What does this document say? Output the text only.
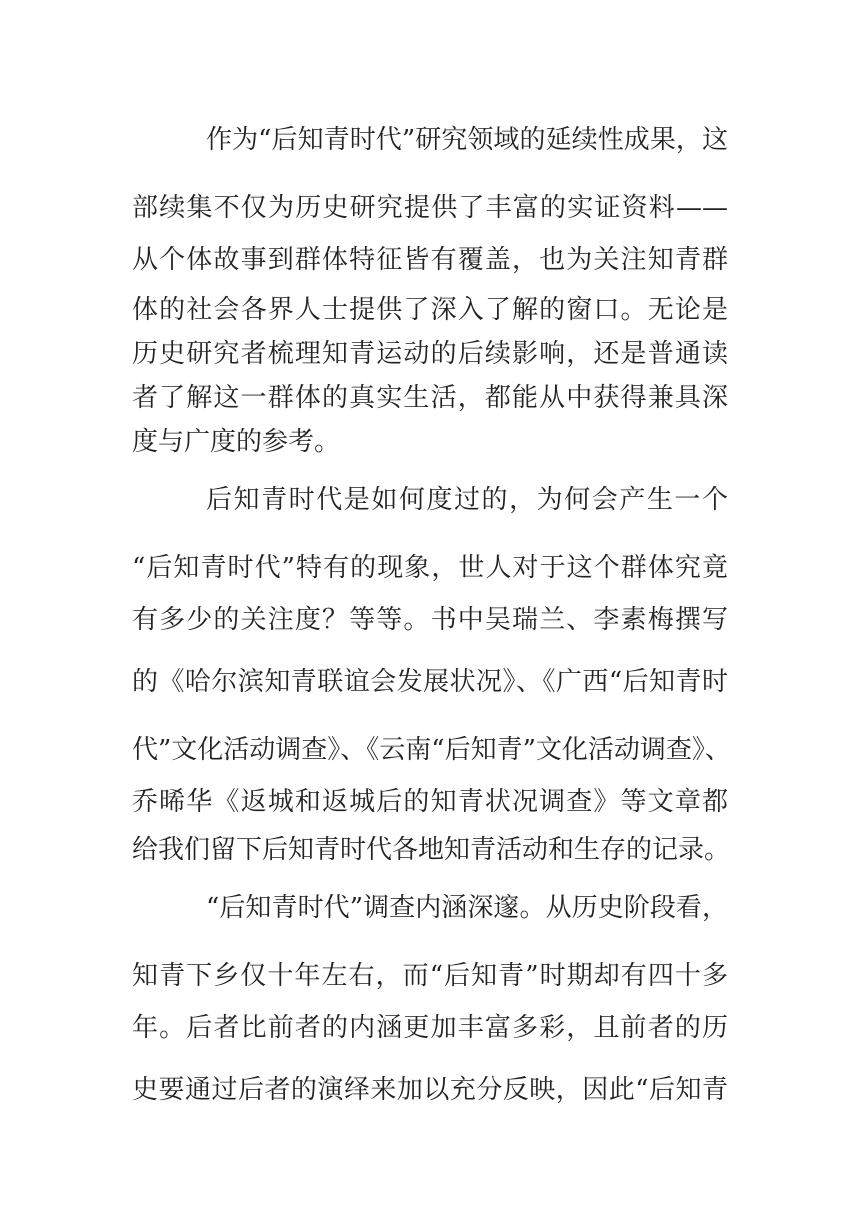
作为“后知青时代”研究领域的延续性成果，这
部续集不仅为历史研究提供了丰富的实证资料——
从个体故事到群体特征皆有覆盖，也为关注知青群
体的社会各界人士提供了深入了解的窗口。无论是
历史研究者梳理知青运动的后续影响，还是普通读
者了解这一群体的真实生活，都能从中获得兼具深
度与广度的参考。
后知青时代是如何度过的，为何会产生一个
“后知青时代”特有的现象，世人对于这个群体究竟
有多少的关注度？等等。书中吴瑞兰、李素梅撰写
的《哈尔滨知青联谊会发展状况》、《广西“后知青时
代”文化活动调查》、《云南“后知青”文化活动调查》、
乔晞华《返城和返城后的知青状况调查》等文章都
给我们留下后知青时代各地知青活动和生存的记录。
“后知青时代”调查内涵深邃。从历史阶段看，
知青下乡仅十年左右，而“后知青”时期却有四十多
年。后者比前者的内涵更加丰富多彩，且前者的历
史要通过后者的演绎来加以充分反映，因此“后知青
